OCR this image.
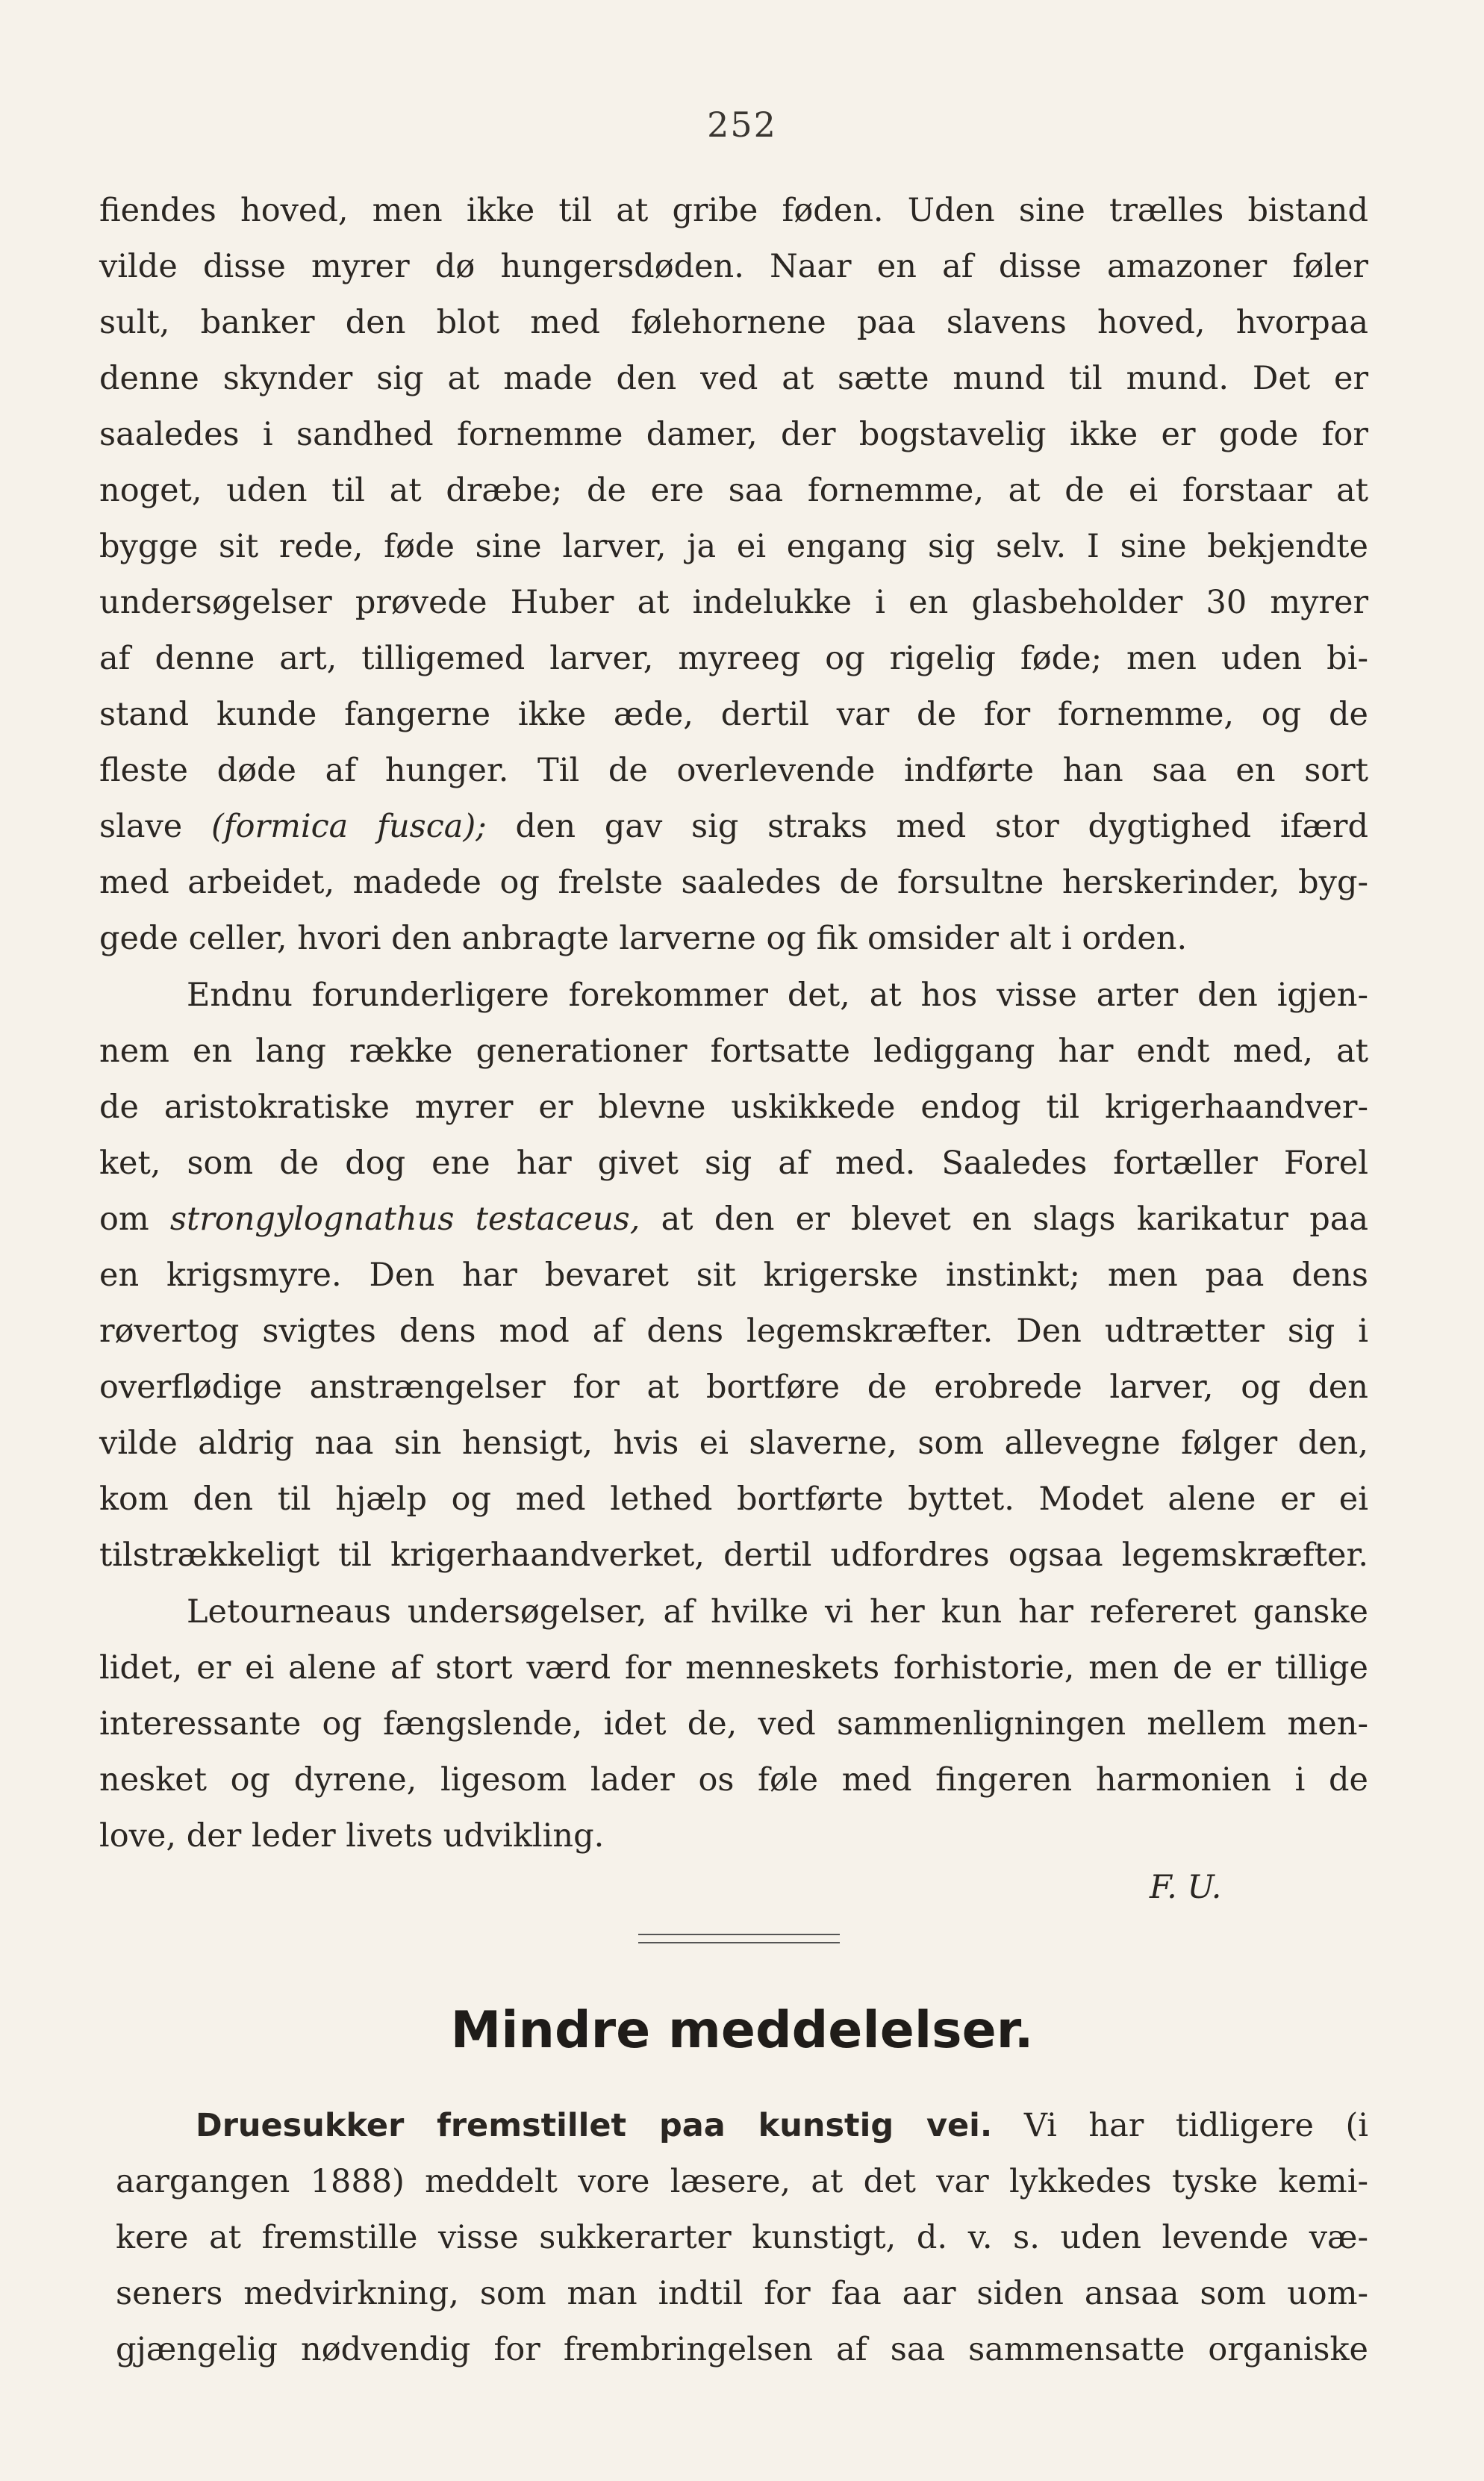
252
fiendes hoved, men ikke til at gribe føden. Uden sine trælles bistand
vilde disse myrer dø hungersdøden. Naar en af disse amazoner føler
sult, banker den blot med følehornene paa slavens hoved, hvorpaa
denne skynder sig at made den ved at sætte mund til mund. Det er
saaledes i sandhed fornemme damer, der bogstavelig ikke er gode for
noget, uden til at dræbe; de ere saa fornemme, at de ei forstaar at
bygge sit rede, føde sine larver, ja ei engang sig selv. I sine bekjendte
undersøgelser prøvede Huber at indelukke i en glasbeholder 30 myrer
af denne art, tilligemed larver, myreeg og rigelig føde; men uden bi-
stand kunde fangerne ikke æde, dertil var de for fornemme, og de
fleste døde af hunger. Til de overlevende indførte han saa en sort
slave (formica fusca); den gav sig straks med stor dygtighed ifærd
med arbeidet, madede og frelste saaledes de forsultne herskerinder, byg-
gede celler, hvori den anbragte larverne og fik omsider alt i orden.
Endnu forunderligere forekommer det, at hos visse arter den igjen-
nem en lang række generationer fortsatte lediggang har endt med, at
de aristokratiske myrer er blevne uskikkede endog til krigerhaandver-
ket, som de dog ene har givet sig af med. Saaledes fortæller Forel
om strongylognathus testaceus, at den er blevet en slags karikatur paa
en krigsmyre. Den har bevaret sit krigerske instinkt; men paa dens
røvertog svigtes dens mod af dens legemskræfter. Den udtrætter sig i
overflødige anstrængelser for at bortføre de erobrede larver, og den
vilde aldrig naa sin hensigt, hvis ei slaverne, som allevegne følger den,
kom den til hjælp og med lethed bortførte byttet. Modet alene er ei
tilstrækkeligt til krigerhaandverket, dertil udfordres ogsaa legemskræfter.
Letourneaus undersøgelser, af hvilke vi her kun har refereret ganske
lidet, er ei alene af stort værd for menneskets forhistorie, men de er tillige
interessante og fængslende, idet de, ved sammenligningen mellem men-
nesket og dyrene, ligesom lader os føle med fingeren harmonien i de
love, der leder livets udvikling.
F. U.
Mindre meddelelser.
Druesukker fremstillet paa kunstig vei. Vi har tidligere (i
aargangen 1888) meddelt vore læsere, at det var lykkedes tyske kemi-
kere at fremstille visse sukkerarter kunstigt, d. v. s. uden levende væ-
seners medvirkning, som man indtil for faa aar siden ansaa som uom-
gjængelig nødvendig for frembringelsen af saa sammensatte organiske
